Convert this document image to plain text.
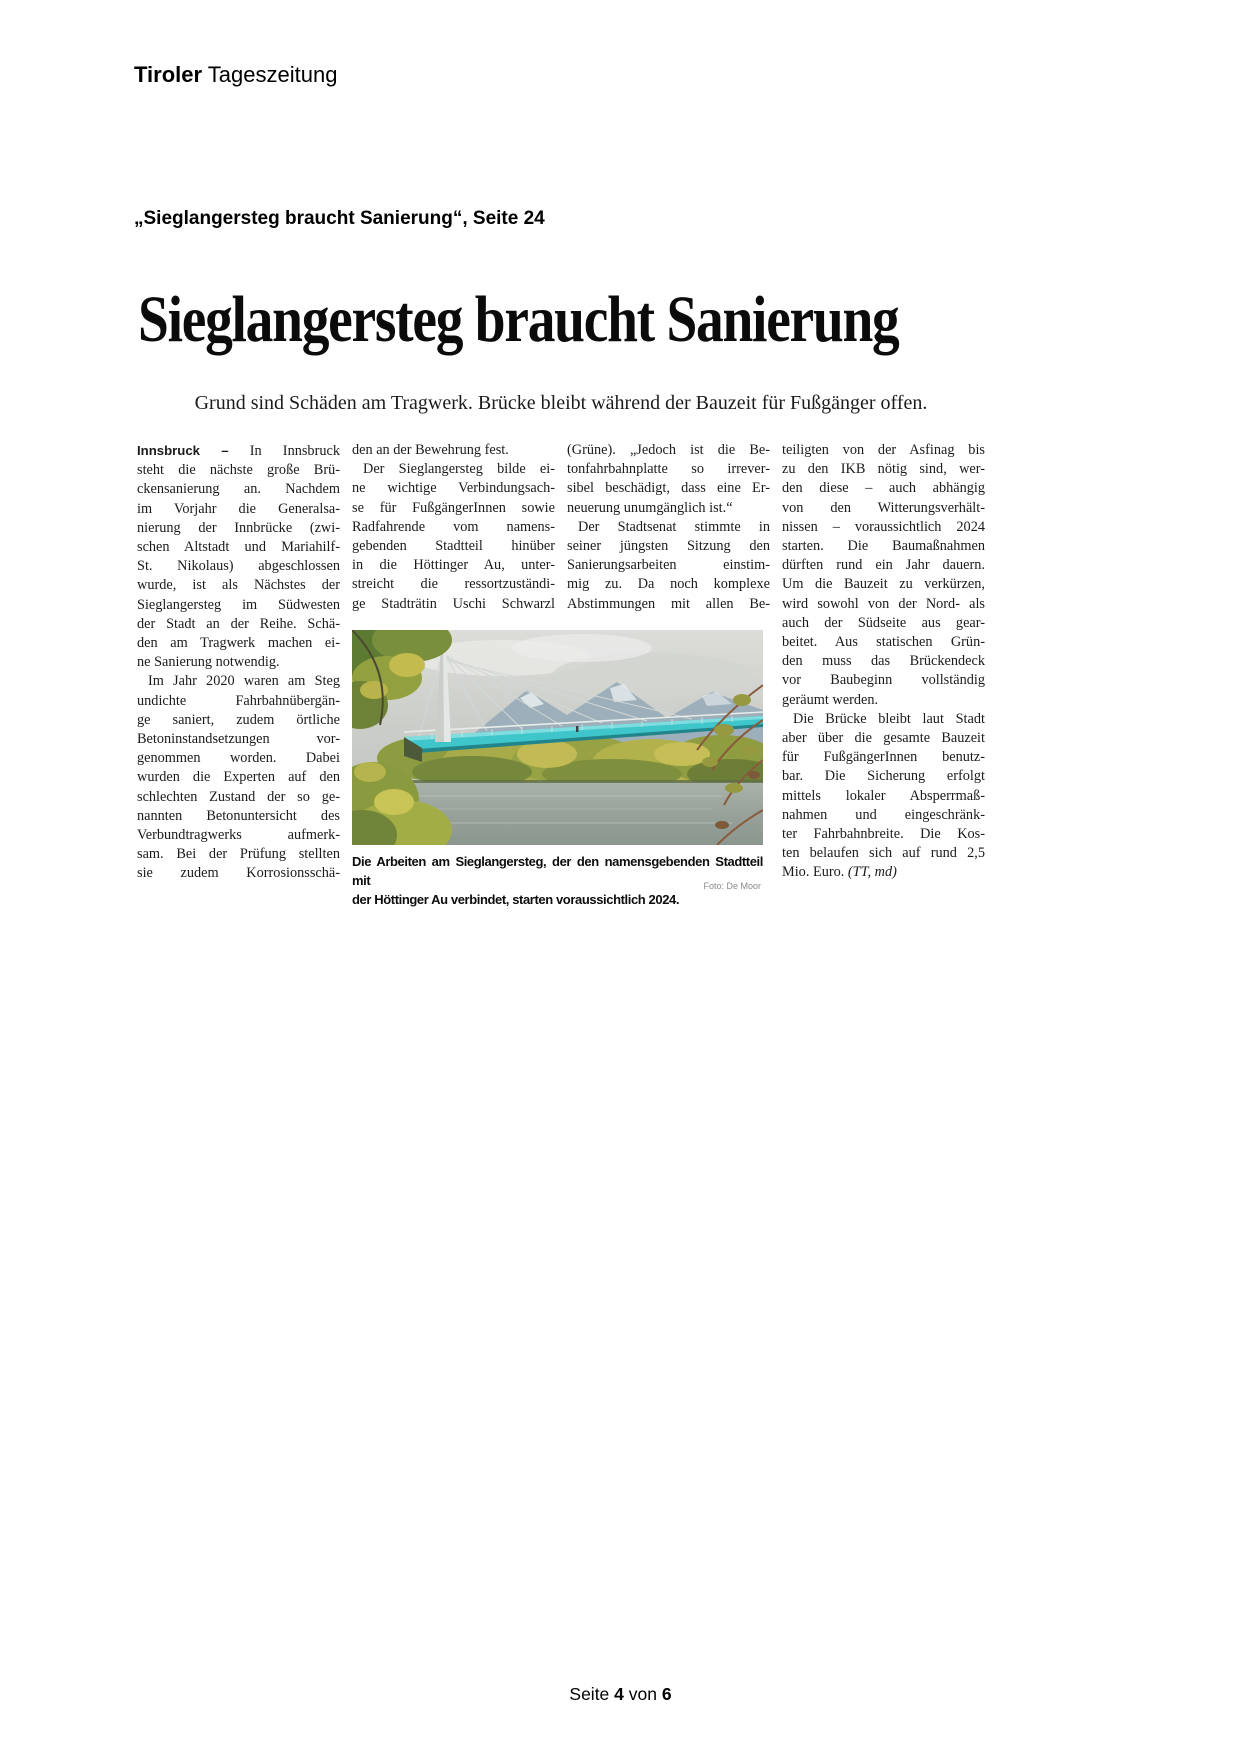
Tiroler Tageszeitung
„Sieglangersteg braucht Sanierung“, Seite 24
Sieglangersteg braucht Sanierung
Grund sind Schäden am Tragwerk. Brücke bleibt während der Bauzeit für Fußgänger offen.
Innsbruck – In Innsbruck
steht die nächste große Brü-
ckensanierung an. Nachdem
im Vorjahr die Generalsa-
nierung der Innbrücke (zwi-
schen Altstadt und Mariahilf-
St. Nikolaus) abgeschlossen
wurde, ist als Nächstes der
Sieglangersteg im Südwesten
der Stadt an der Reihe. Schä-
den am Tragwerk machen ei-
ne Sanierung notwendig.
Im Jahr 2020 waren am Steg
undichte Fahrbahnübergän-
ge saniert, zudem örtliche
Betoninstandsetzungen vor-
genommen worden. Dabei
wurden die Experten auf den
schlechten Zustand der so ge-
nannten Betonuntersicht des
Verbundtragwerks aufmerk-
sam. Bei der Prüfung stellten
sie zudem Korrosionsschä-
den an der Bewehrung fest.
Der Sieglangersteg bilde ei-
ne wichtige Verbindungsach-
se für FußgängerInnen sowie
Radfahrende vom namens-
gebenden Stadtteil hinüber
in die Höttinger Au, unter-
streicht die ressortzuständi-
ge Stadträtin Uschi Schwarzl
(Grüne). „Jedoch ist die Be-
tonfahrbahnplatte so irrever-
sibel beschädigt, dass eine Er-
neuerung unumgänglich ist.“
Der Stadtsenat stimmte in
seiner jüngsten Sitzung den
Sanierungsarbeiten einstim-
mig zu. Da noch komplexe
Abstimmungen mit allen Be-
teiligten von der Asfinag bis
zu den IKB nötig sind, wer-
den diese – auch abhängig
von den Witterungsverhält-
nissen – voraussichtlich 2024
starten. Die Baumaßnahmen
dürften rund ein Jahr dauern.
Um die Bauzeit zu verkürzen,
wird sowohl von der Nord- als
auch der Südseite aus gear-
beitet. Aus statischen Grün-
den muss das Brückendeck
vor Baubeginn vollständig
geräumt werden.
Die Brücke bleibt laut Stadt
aber über die gesamte Bauzeit
für FußgängerInnen benutz-
bar. Die Sicherung erfolgt
mittels lokaler Absperrmaß-
nahmen und eingeschränk-
ter Fahrbahnbreite. Die Kos-
ten belaufen sich auf rund 2,5
Mio. Euro. (TT, md)
Die Arbeiten am Sieglangersteg, der den namensgebenden Stadtteil mit
der Höttinger Au verbindet, starten voraussichtlich 2024.
Foto: De Moor
Seite 4 von 6
